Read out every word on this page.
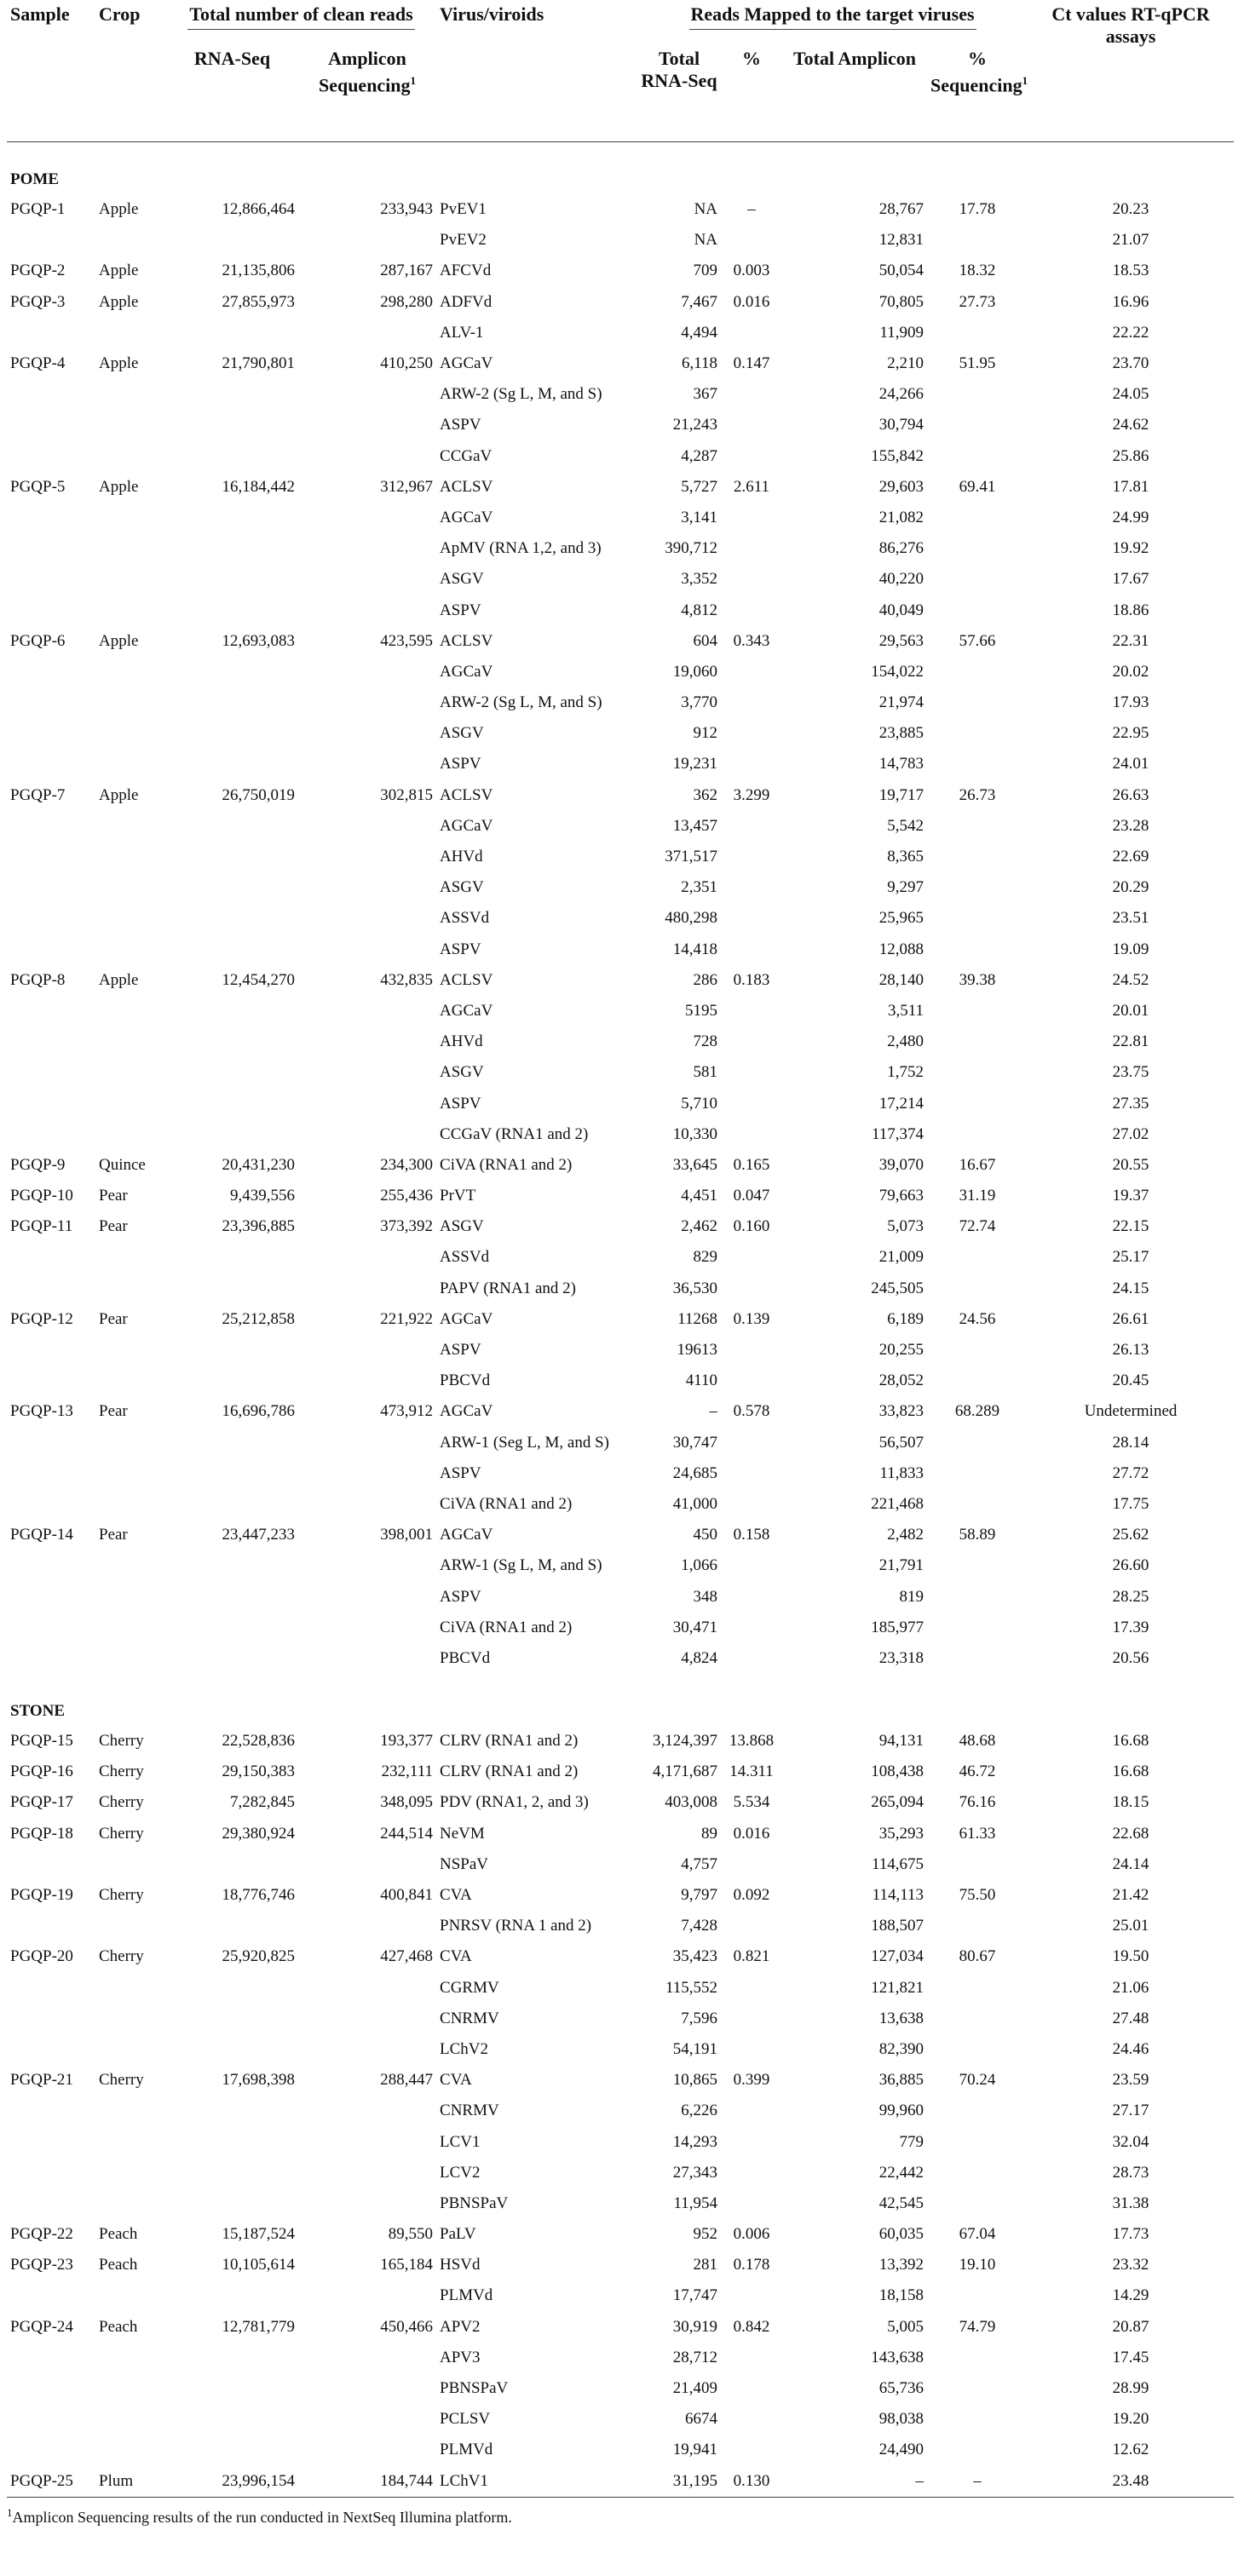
Sample	Crop	Total number of clean reads		Virus/viroids	Reads Mapped to the target viruses				Ct values RT-qPCR assays
		RNA-Seq	Amplicon Sequencing$^1$		Total RNA-Seq	%	Total Amplicon	% Sequencing$^1$	
POME									
PGQP-1	Apple	12,866,464	233,943	PvEV1	NA	–	28,767	17.78	20.23
				PvEV2	NA		12,831		21.07
PGQP-2	Apple	21,135,806	287,167	AFCVd	709	0.003	50,054	18.32	18.53
PGQP-3	Apple	27,855,973	298,280	ADFVd	7,467	0.016	70,805	27.73	16.96
				ALV-1	4,494		11,909		22.22
PGQP-4	Apple	21,790,801	410,250	AGCaV	6,118	0.147	2,210	51.95	23.70
				ARW-2 (Sg L, M, and S)	367		24,266		24.05
				ASPV	21,243		30,794		24.62
				CCGaV	4,287		155,842		25.86
PGQP-5	Apple	16,184,442	312,967	ACLSV	5,727	2.611	29,603	69.41	17.81
				AGCaV	3,141		21,082		24.99
				ApMV (RNA 1,2, and 3)	390,712		86,276		19.92
				ASGV	3,352		40,220		17.67
				ASPV	4,812		40,049		18.86
PGQP-6	Apple	12,693,083	423,595	ACLSV	604	0.343	29,563	57.66	22.31
				AGCaV	19,060		154,022		20.02
				ARW-2 (Sg L, M, and S)	3,770		21,974		17.93
				ASGV	912		23,885		22.95
				ASPV	19,231		14,783		24.01
PGQP-7	Apple	26,750,019	302,815	ACLSV	362	3.299	19,717	26.73	26.63
				AGCaV	13,457		5,542		23.28
				AHVd	371,517		8,365		22.69
				ASGV	2,351		9,297		20.29
				ASSVd	480,298		25,965		23.51
				ASPV	14,418		12,088		19.09
PGQP-8	Apple	12,454,270	432,835	ACLSV	286	0.183	28,140	39.38	24.52
				AGCaV	5195		3,511		20.01
				AHVd	728		2,480		22.81
				ASGV	581		1,752		23.75
				ASPV	5,710		17,214		27.35
				CCGaV (RNA1 and 2)	10,330		117,374		27.02
PGQP-9	Quince	20,431,230	234,300	CiVA (RNA1 and 2)	33,645	0.165	39,070	16.67	20.55
PGQP-10	Pear	9,439,556	255,436	PrVT	4,451	0.047	79,663	31.19	19.37
PGQP-11	Pear	23,396,885	373,392	ASGV	2,462	0.160	5,073	72.74	22.15
				ASSVd	829		21,009		25.17
				PAPV (RNA1 and 2)	36,530		245,505		24.15
PGQP-12	Pear	25,212,858	221,922	AGCaV	11268	0.139	6,189	24.56	26.61
				ASPV	19613		20,255		26.13
				PBCVd	4110		28,052		20.45
PGQP-13	Pear	16,696,786	473,912	AGCaV	–	0.578	33,823	68.289	Undetermined
				ARW-1 (Seg L, M, and S)	30,747		56,507		28.14
				ASPV	24,685		11,833		27.72
				CiVA (RNA1 and 2)	41,000		221,468		17.75
PGQP-14	Pear	23,447,233	398,001	AGCaV	450	0.158	2,482	58.89	25.62
				ARW-1 (Sg L, M, and S)	1,066		21,791		26.60
				ASPV	348		819		28.25
				CiVA (RNA1 and 2)	30,471		185,977		17.39
				PBCVd	4,824		23,318		20.56
STONE									
PGQP-15	Cherry	22,528,836	193,377	CLRV (RNA1 and 2)	3,124,397	13.868	94,131	48.68	16.68
PGQP-16	Cherry	29,150,383	232,111	CLRV (RNA1 and 2)	4,171,687	14.311	108,438	46.72	16.68
PGQP-17	Cherry	7,282,845	348,095	PDV (RNA1, 2, and 3)	403,008	5.534	265,094	76.16	18.15
PGQP-18	Cherry	29,380,924	244,514	NeVM	89	0.016	35,293	61.33	22.68
				NSPaV	4,757		114,675		24.14
PGQP-19	Cherry	18,776,746	400,841	CVA	9,797	0.092	114,113	75.50	21.42
				PNRSV (RNA 1 and 2)	7,428		188,507		25.01
PGQP-20	Cherry	25,920,825	427,468	CVA	35,423	0.821	127,034	80.67	19.50
				CGRMV	115,552		121,821		21.06
				CNRMV	7,596		13,638		27.48
				LChV2	54,191		82,390		24.46
PGQP-21	Cherry	17,698,398	288,447	CVA	10,865	0.399	36,885	70.24	23.59
				CNRMV	6,226		99,960		27.17
				LCV1	14,293		779		32.04
				LCV2	27,343		22,442		28.73
				PBNSPaV	11,954		42,545		31.38
PGQP-22	Peach	15,187,524	89,550	PaLV	952	0.006	60,035	67.04	17.73
PGQP-23	Peach	10,105,614	165,184	HSVd	281	0.178	13,392	19.10	23.32
				PLMVd	17,747		18,158		14.29
PGQP-24	Peach	12,781,779	450,466	APV2	30,919	0.842	5,005	74.79	20.87
				APV3	28,712		143,638		17.45
				PBNSPaV	21,409		65,736		28.99
				PCLSV	6674		98,038		19.20
				PLMVd	19,941		24,490		12.62
PGQP-25	Plum	23,996,154	184,744	LChV1	31,195	0.130	–	–	23.48
$^1$Amplicon Sequencing results of the run conducted in NextSeq Illumina platform.
